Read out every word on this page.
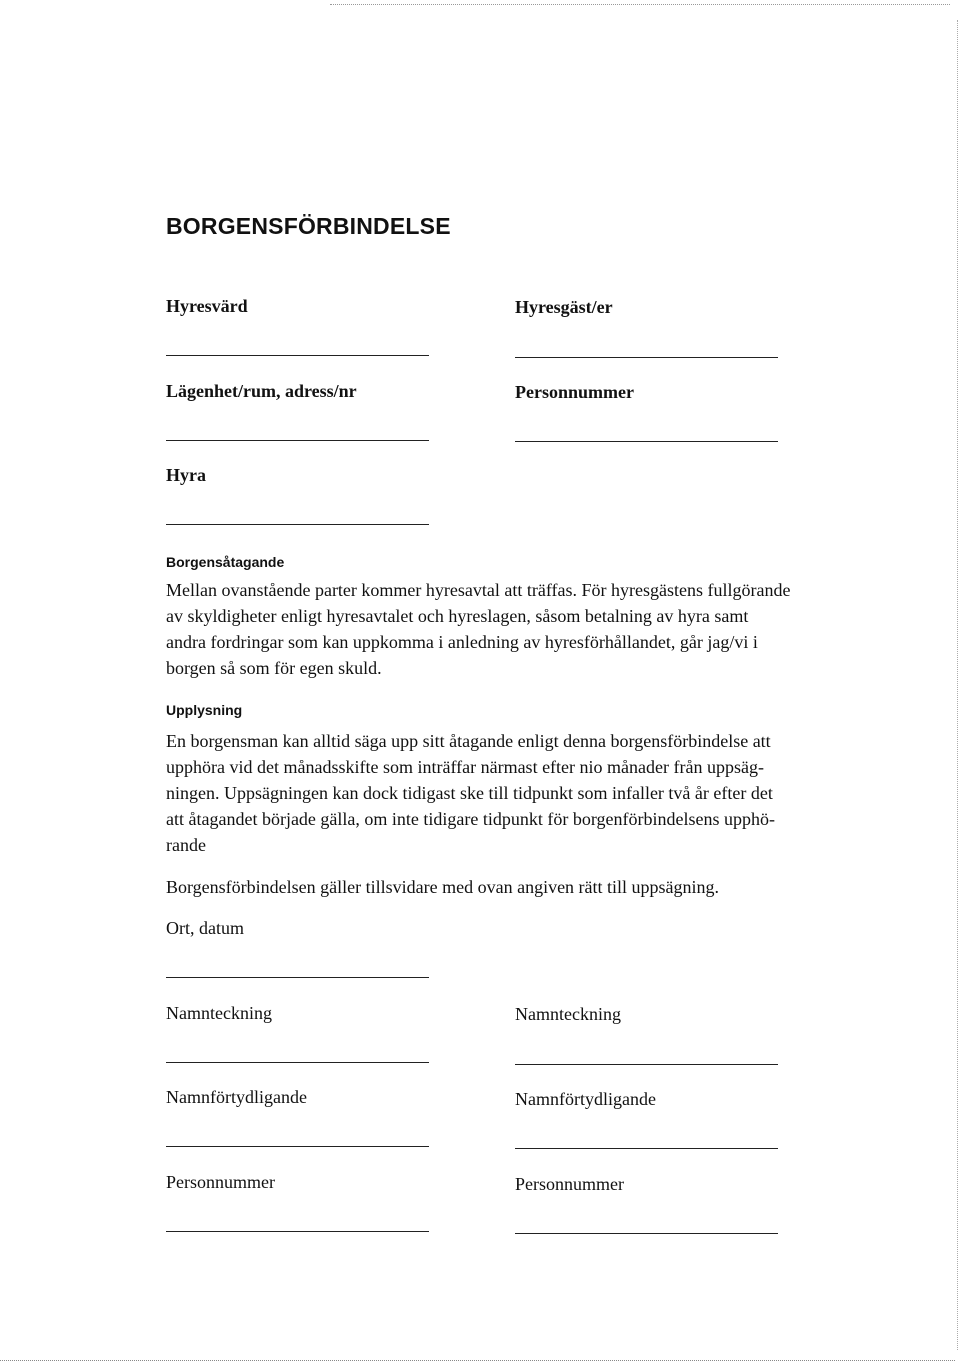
BORGENSFÖRBINDELSE
Hyresvärd	Hyresgäst/er
Lägenhet/rum, adress/nr	Personnummer
Hyra
Borgensåtagande

Mellan ovanstående parter kommer hyresavtal att träffas. För hyresgästens fullgörande

av skyldigheter enligt hyresavtalet och hyreslagen, såsom betalning av hyra samt

andra fordringar som kan uppkomma i anledning av hyresförhållandet, går jag/vi i

borgen så som för egen skuld.

Upplysning

En borgensman kan alltid säga upp sitt åtagande enligt denna borgensförbindelse att

upphöra vid det månadsskifte som inträffar närmast efter nio månader från uppsäg-

ningen. Uppsägningen kan dock tidigast ske till tidpunkt som infaller två år efter det

att åtagandet började gälla, om inte tidigare tidpunkt för borgenförbindelsens upphö-

rande

Borgensförbindelsen gäller tillsvidare med ovan angiven rätt till uppsägning.
Ort, datum
Namnteckning	Namnteckning
Namnförtydligande	Namnförtydligande
Personnummer	Personnummer
